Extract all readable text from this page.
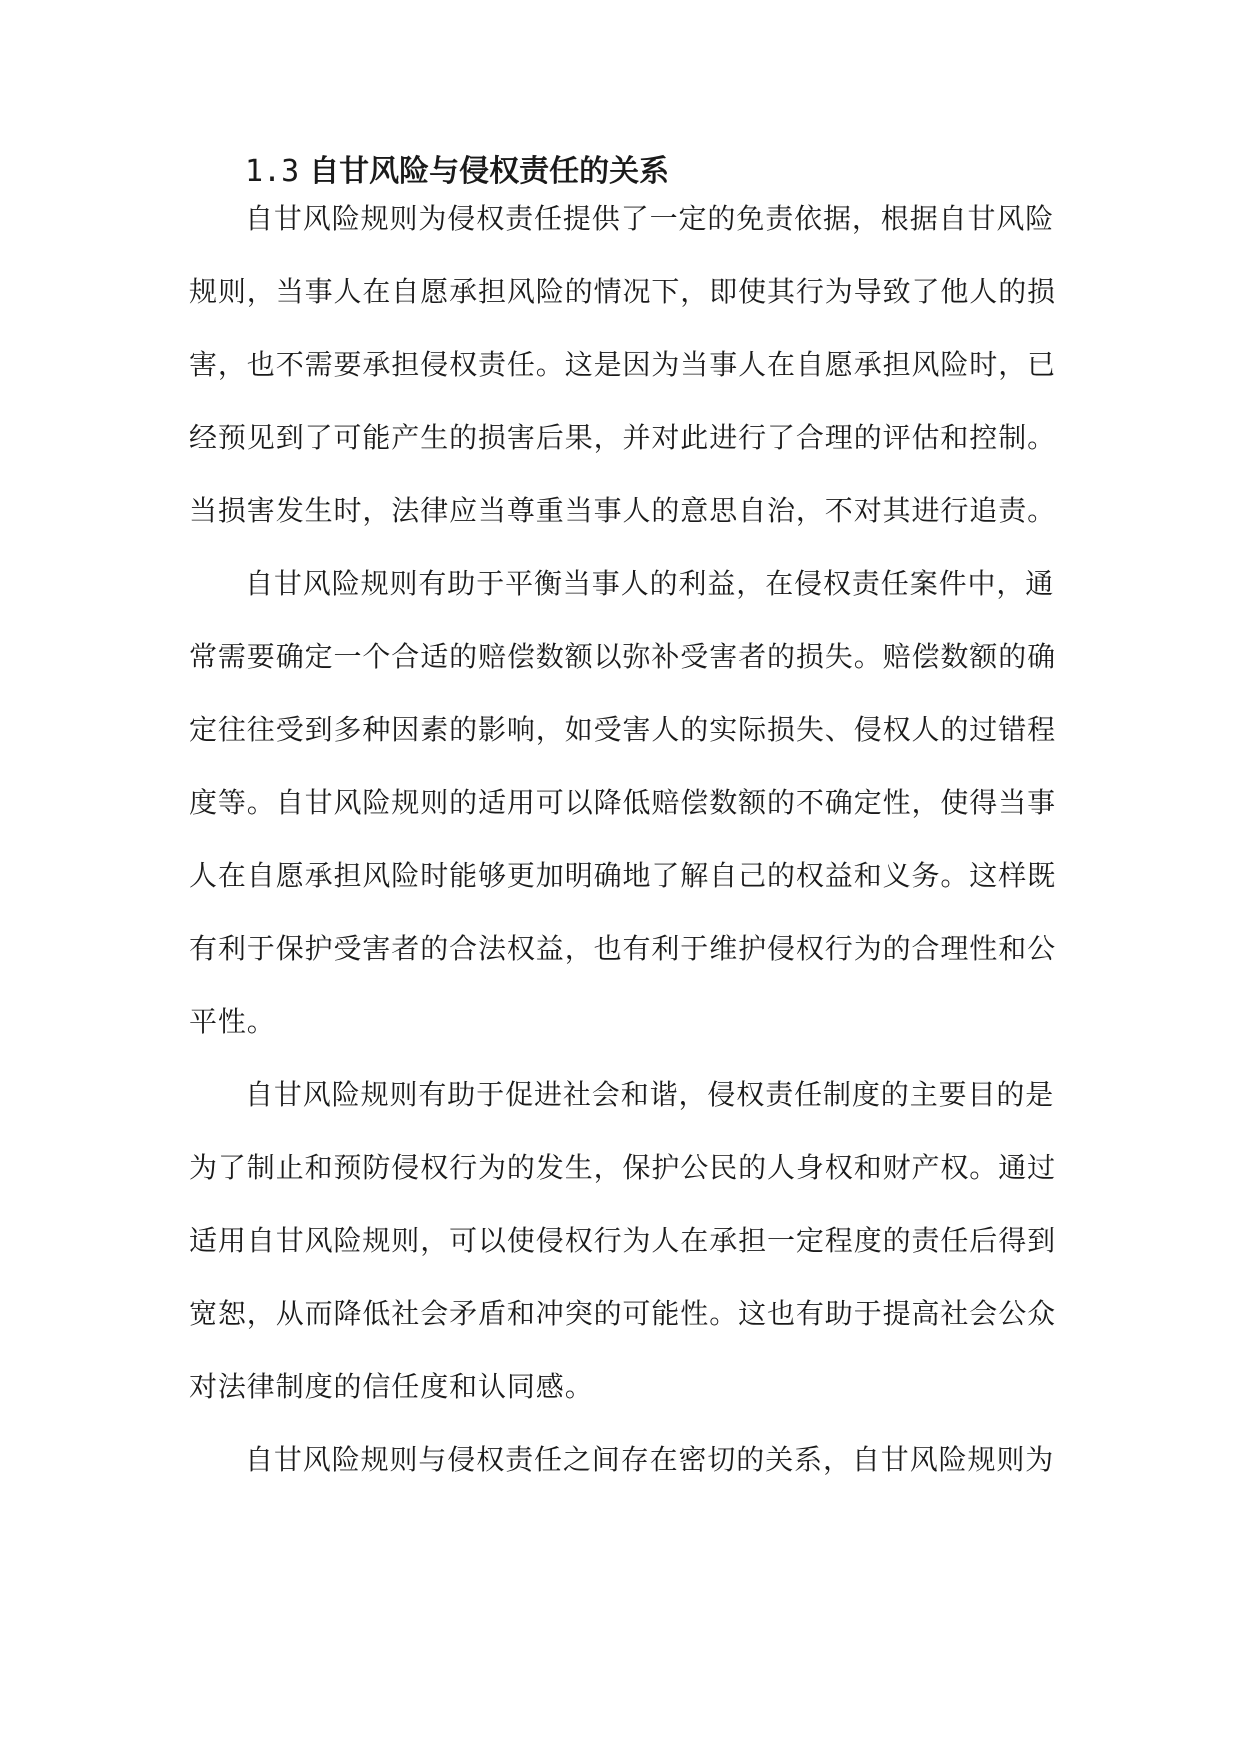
1.3 自甘风险与侵权责任的关系
自甘风险规则为侵权责任提供了一定的免责依据，根据自甘风险
规则，当事人在自愿承担风险的情况下，即使其行为导致了他人的损
害，也不需要承担侵权责任。这是因为当事人在自愿承担风险时，已
经预见到了可能产生的损害后果，并对此进行了合理的评估和控制。
当损害发生时，法律应当尊重当事人的意思自治，不对其进行追责。
自甘风险规则有助于平衡当事人的利益，在侵权责任案件中，通
常需要确定一个合适的赔偿数额以弥补受害者的损失。赔偿数额的确
定往往受到多种因素的影响，如受害人的实际损失、侵权人的过错程
度等。自甘风险规则的适用可以降低赔偿数额的不确定性，使得当事
人在自愿承担风险时能够更加明确地了解自己的权益和义务。这样既
有利于保护受害者的合法权益，也有利于维护侵权行为的合理性和公
平性。
自甘风险规则有助于促进社会和谐，侵权责任制度的主要目的是
为了制止和预防侵权行为的发生，保护公民的人身权和财产权。通过
适用自甘风险规则，可以使侵权行为人在承担一定程度的责任后得到
宽恕，从而降低社会矛盾和冲突的可能性。这也有助于提高社会公众
对法律制度的信任度和认同感。
自甘风险规则与侵权责任之间存在密切的关系，自甘风险规则为
